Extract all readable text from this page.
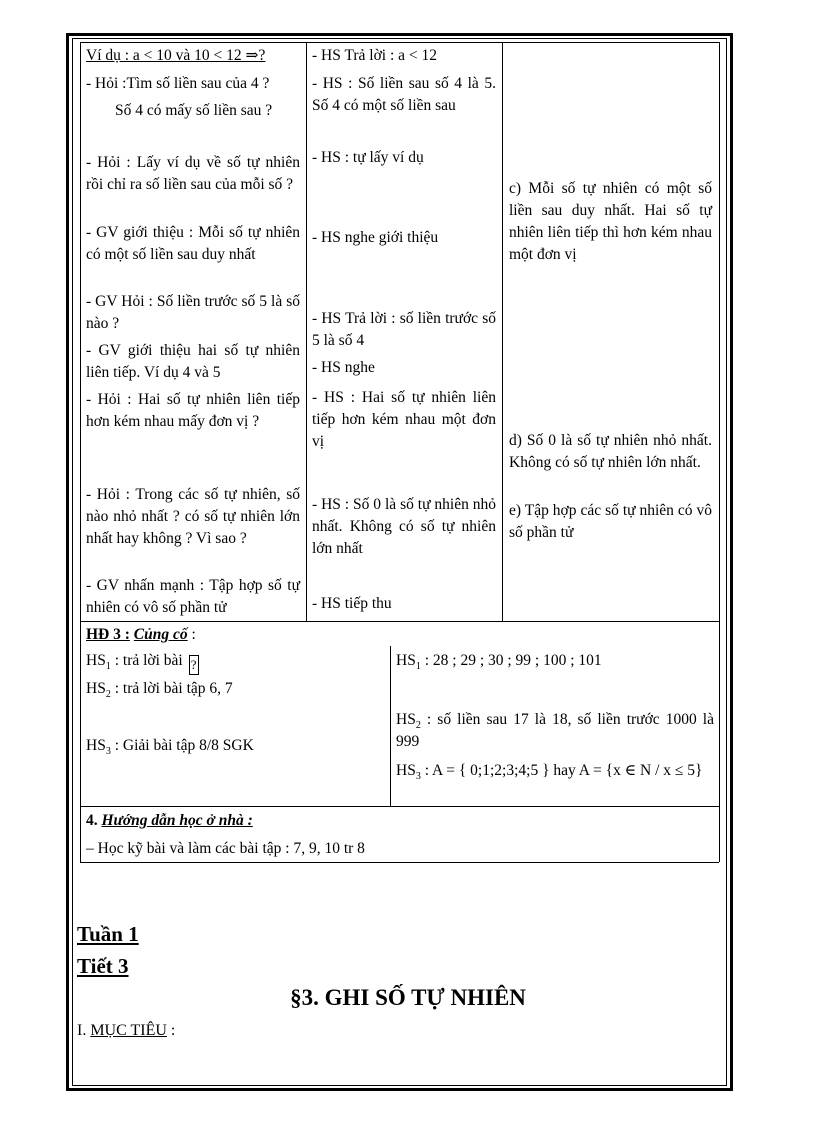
Ví dụ : a < 10 và 10 < 12 ⇒?
- Hỏi :Tìm số liền sau của 4 ?
Số 4 có mấy số liền sau ?
- Hỏi : Lấy ví dụ về số tự nhiên rồi chỉ ra số liền sau của mỗi số ?
- GV giới thiệu : Mỗi số tự nhiên có một số liền sau duy nhất
- GV Hỏi : Số liền trước số 5 là số nào ?
- GV giới thiệu hai số tự nhiên liên tiếp. Ví dụ 4 và 5
- Hỏi : Hai số tự nhiên liên tiếp hơn kém nhau mấy đơn vị ?
- Hỏi : Trong các số tự nhiên, số nào nhỏ nhất ? có số tự nhiên lớn nhất hay không ? Vì sao ?
- GV nhấn mạnh : Tập hợp số tự nhiên có vô số phần tử
- HS Trả lời : a < 12
- HS : Số liền sau số 4 là 5. Số 4 có một số liền sau
- HS : tự lấy ví dụ
- HS nghe giới thiệu
- HS Trả lời : số liền trước số 5 là số 4
- HS nghe
- HS : Hai số tự nhiên liên tiếp hơn kém nhau một đơn vị
- HS : Số 0 là số tự nhiên nhỏ nhất. Không có số tự nhiên lớn nhất
- HS tiếp thu
c) Mỗi số tự nhiên có một số liền sau duy nhất. Hai số tự nhiên liên tiếp thì hơn kém nhau một đơn vị
d) Số 0 là số tự nhiên nhỏ nhất. Không có số tự nhiên lớn nhất.
e) Tập hợp các số tự nhiên có vô số phần tử
HĐ 3 : Củng cố :
$HS_1$ : trả lời bài ?
$HS_2$ : trả lời bài tập 6, 7
$HS_3$ : Giải bài tập 8/8 SGK
$HS_1$ : 28 ; 29 ; 30 ; 99 ; 100 ; 101
$HS_2$ : số liền sau 17 là 18, số liền trước 1000 là 999
$HS_3$ : A = { 0;1;2;3;4;5 } hay A = {x ∈ N / x ≤ 5}
4. Hướng dẫn học ở nhà :
– Học kỹ bài và làm các bài tập : 7, 9, 10 tr 8
Tuần 1
Tiết 3
§3. GHI SỐ TỰ NHIÊN
I. MỤC TIÊU :
